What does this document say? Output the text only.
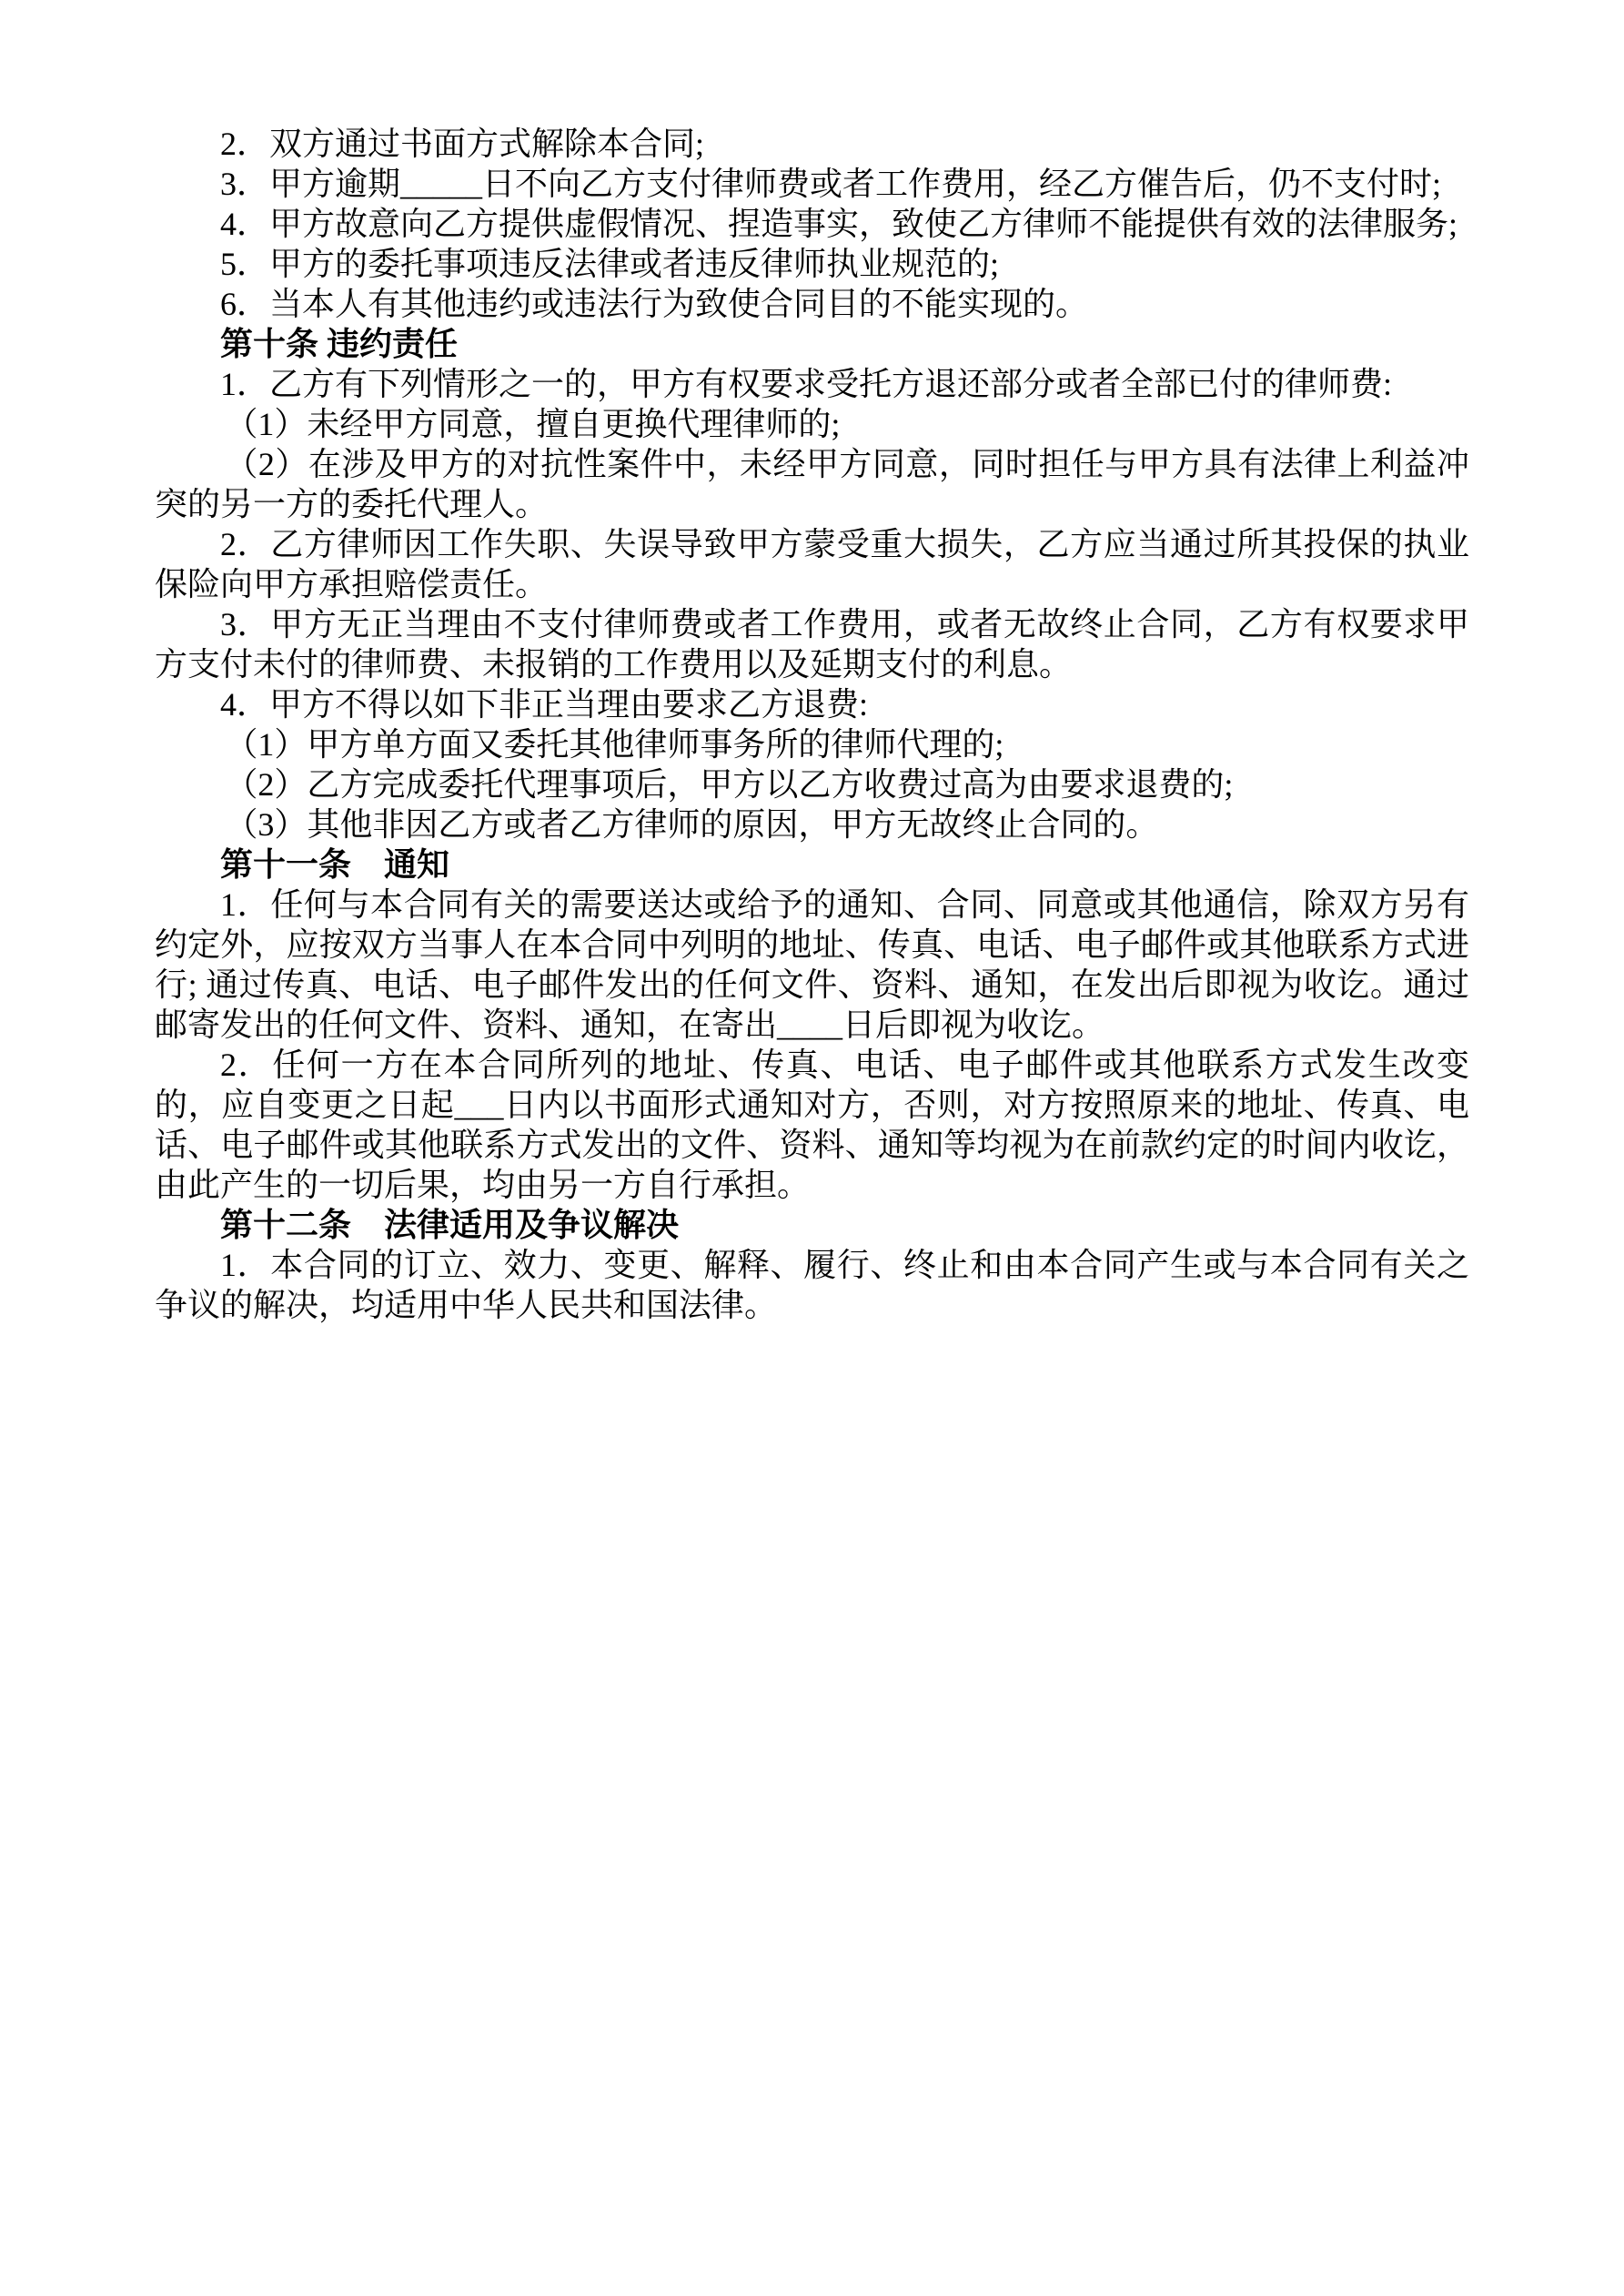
2．双方通过书面方式解除本合同;

3．甲方逾期_____日不向乙方支付律师费或者工作费用，经乙方催告后，仍不支付时;

4．甲方故意向乙方提供虚假情况、捏造事实，致使乙方律师不能提供有效的法律服务;

5．甲方的委托事项违反法律或者违反律师执业规范的;

6．当本人有其他违约或违法行为致使合同目的不能实现的。

第十条 违约责任

1．乙方有下列情形之一的，甲方有权要求受托方退还部分或者全部已付的律师费:

（1）未经甲方同意，擅自更换代理律师的;

（2）在涉及甲方的对抗性案件中，未经甲方同意，同时担任与甲方具有法律上利益冲突的另一方的委托代理人。

2．乙方律师因工作失职、失误导致甲方蒙受重大损失，乙方应当通过所其投保的执业保险向甲方承担赔偿责任。

3．甲方无正当理由不支付律师费或者工作费用，或者无故终止合同，乙方有权要求甲方支付未付的律师费、未报销的工作费用以及延期支付的利息。

4．甲方不得以如下非正当理由要求乙方退费:

（1）甲方单方面又委托其他律师事务所的律师代理的;

（2）乙方完成委托代理事项后，甲方以乙方收费过高为由要求退费的;

（3）其他非因乙方或者乙方律师的原因，甲方无故终止合同的。

第十一条　通知

1．任何与本合同有关的需要送达或给予的通知、合同、同意或其他通信，除双方另有约定外，应按双方当事人在本合同中列明的地址、传真、电话、电子邮件或其他联系方式进行; 通过传真、电话、电子邮件发出的任何文件、资料、通知，在发出后即视为收讫。通过邮寄发出的任何文件、资料、通知，在寄出____日后即视为收讫。

2．任何一方在本合同所列的地址、传真、电话、电子邮件或其他联系方式发生改变的，应自变更之日起___日内以书面形式通知对方，否则，对方按照原来的地址、传真、电话、电子邮件或其他联系方式发出的文件、资料、通知等均视为在前款约定的时间内收讫，由此产生的一切后果，均由另一方自行承担。

第十二条　法律适用及争议解决

1．本合同的订立、效力、变更、解释、履行、终止和由本合同产生或与本合同有关之争议的解决，均适用中华人民共和国法律。
